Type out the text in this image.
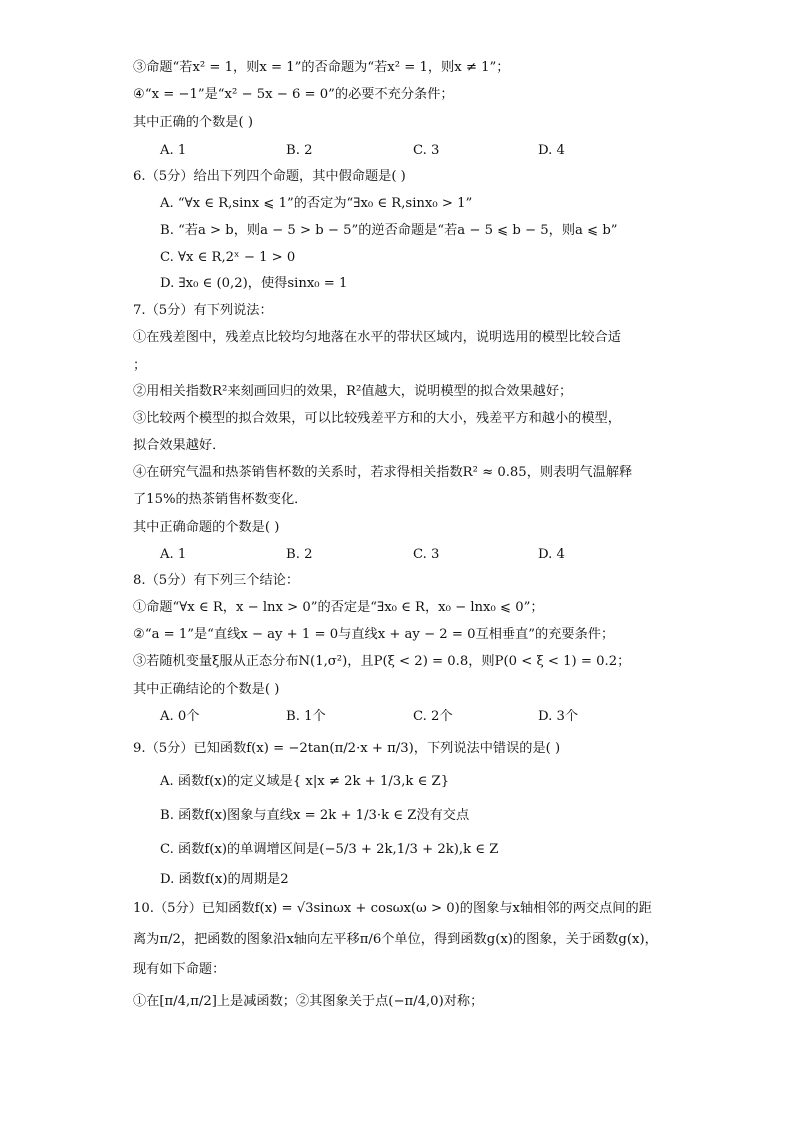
③命题“若x² = 1，则x = 1”的否命题为“若x² = 1，则x ≠ 1”；
④“x = −1”是“x² − 5x − 6 = 0”的必要不充分条件；
其中正确的个数是( )
A. 1	B. 2	C. 3	D. 4
6.（5分）给出下列四个命题，其中假命题是( )
A. “∀x ∈ R,sinx ⩽ 1”的否定为“∃x₀ ∈ R,sinx₀ > 1”
B. “若a > b，则a − 5 > b − 5”的逆否命题是“若a − 5 ⩽ b − 5，则a ⩽ b”
C. ∀x ∈ R,2ˣ − 1 > 0
D. ∃x₀ ∈ (0,2)，使得sinx₀ = 1
7.（5分）有下列说法：
①在残差图中，残差点比较均匀地落在水平的带状区域内，说明选用的模型比较合适
；
②用相关指数R²来刻画回归的效果，R²值越大，说明模型的拟合效果越好；
③比较两个模型的拟合效果，可以比较残差平方和的大小，残差平方和越小的模型，
拟合效果越好．
④在研究气温和热茶销售杯数的关系时，若求得相关指数R² ≈ 0.85，则表明气温解释
了15%的热茶销售杯数变化．
其中正确命题的个数是( )
A. 1	B. 2	C. 3	D. 4
8.（5分）有下列三个结论：
①命题“∀x ∈ R，x − lnx > 0”的否定是“∃x₀ ∈ R，x₀ − lnx₀ ⩽ 0”；
②“a = 1”是“直线x − ay + 1 = 0与直线x + ay − 2 = 0互相垂直”的充要条件；
③若随机变量ξ服从正态分布N(1,σ²)，且P(ξ < 2) = 0.8，则P(0 < ξ < 1) = 0.2；
其中正确结论的个数是( )
A. 0个	B. 1个	C. 2个	D. 3个
9.（5分）已知函数f(x) = −2tan(π/2·x + π/3)，下列说法中错误的是( )
A. 函数f(x)的定义域是{ x|x ≠ 2k + 1/3,k ∈ Z}
B. 函数f(x)图象与直线x = 2k + 1/3·k ∈ Z没有交点
C. 函数f(x)的单调增区间是(−5/3 + 2k,1/3 + 2k),k ∈ Z
D. 函数f(x)的周期是2
10.（5分）已知函数f(x) = √3sinωx + cosωx(ω > 0)的图象与x轴相邻的两交点间的距
离为π/2，把函数的图象沿x轴向左平移π/6个单位，得到函数g(x)的图象，关于函数g(x)，
现有如下命题：
①在[π/4,π/2]上是减函数；②其图象关于点(−π/4,0)对称；
